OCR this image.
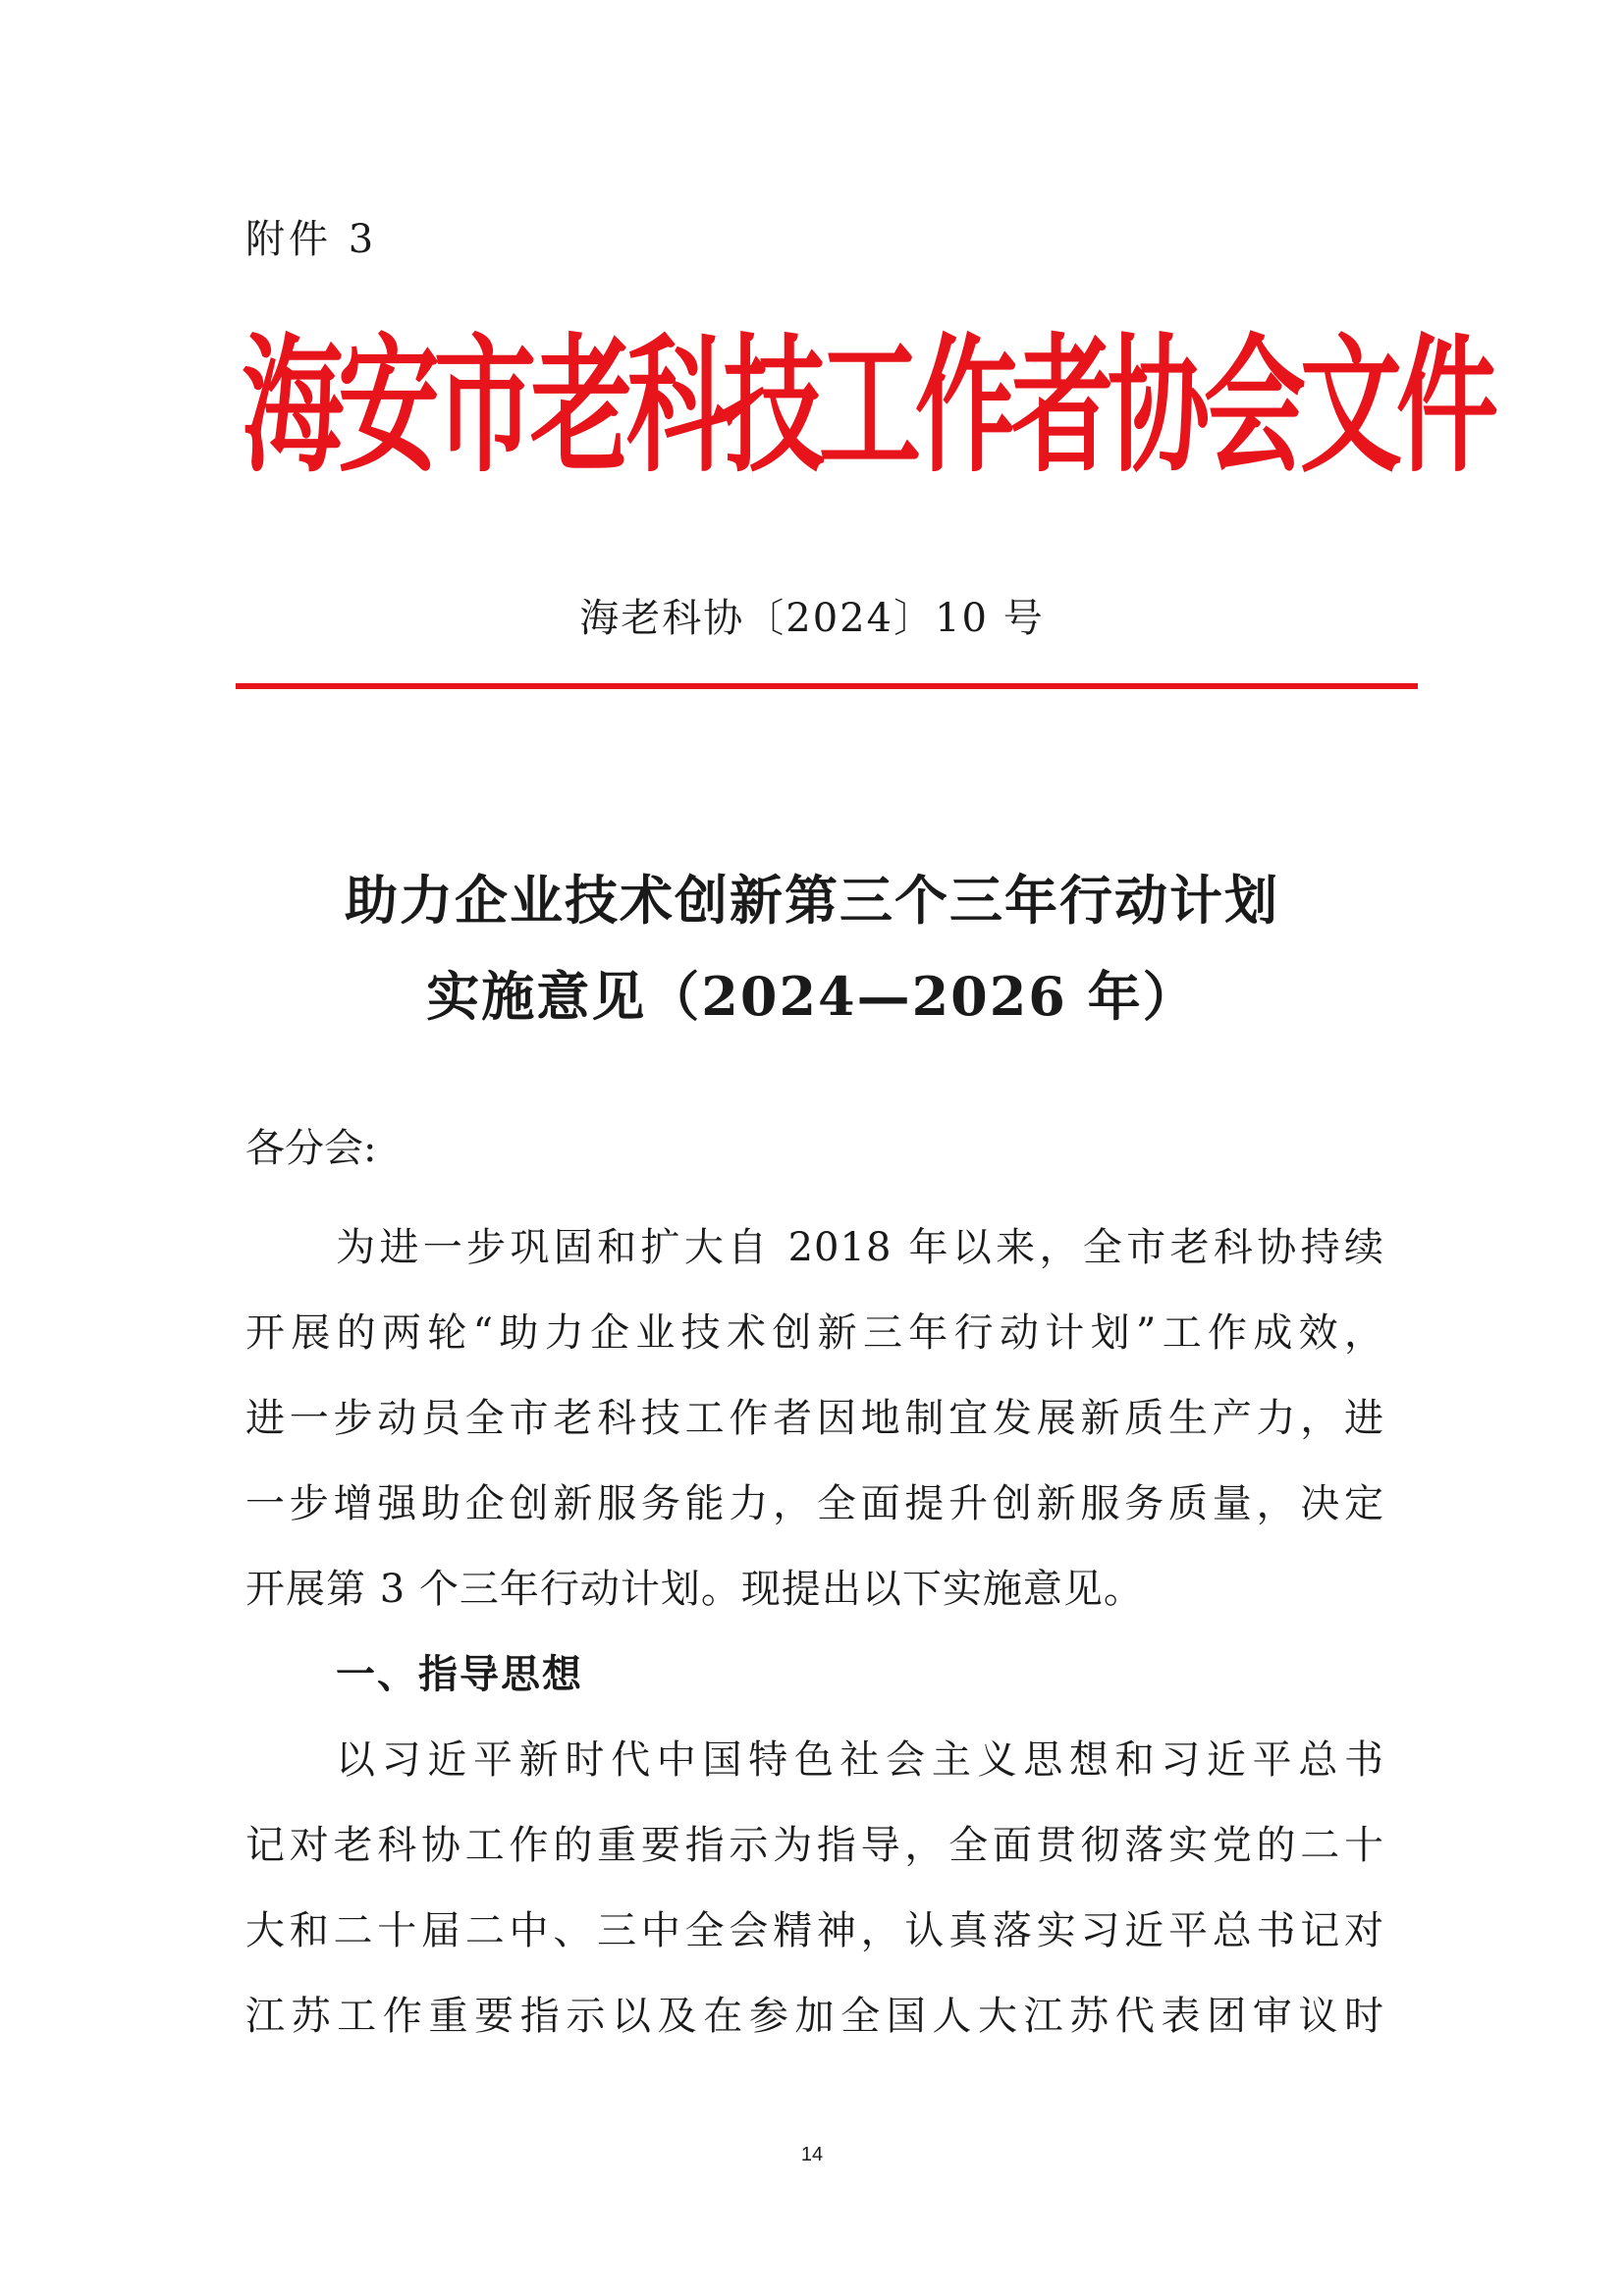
附件 3
海安市老科技工作者协会文件
海老科协〔2024〕10 号
助力企业技术创新第三个三年行动计划
实施意见（2024—2026 年）
各分会:
为进一步巩固和扩大自 2018 年以来，全市老科协持续
开展的两轮“助力企业技术创新三年行动计划”工作成效，
进一步动员全市老科技工作者因地制宜发展新质生产力，进
一步增强助企创新服务能力，全面提升创新服务质量，决定
开展第 3 个三年行动计划。现提出以下实施意见。
一、指导思想
以习近平新时代中国特色社会主义思想和习近平总书
记对老科协工作的重要指示为指导，全面贯彻落实党的二十
大和二十届二中、三中全会精神，认真落实习近平总书记对
江苏工作重要指示以及在参加全国人大江苏代表团审议时
14
